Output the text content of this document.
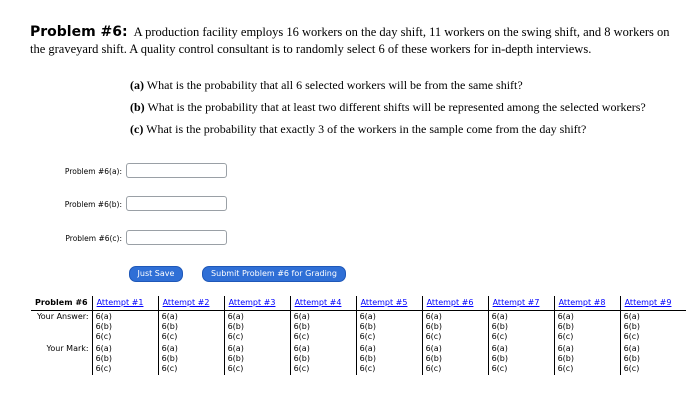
Problem #6: A production facility employs 16 workers on the day shift, 11 workers on the swing shift, and 8 workers on the graveyard shift. A quality control consultant is to randomly select 6 of these workers for in-depth interviews.
(a) What is the probability that all 6 selected workers will be from the same shift?
(b) What is the probability that at least two different shifts will be represented among the selected workers?
(c) What is the probability that exactly 3 of the workers in the sample come from the day shift?
Problem #6(a):
Problem #6(b):
Problem #6(c):
Just Save	Submit Problem #6 for Grading
Problem #6	Attempt #1	Attempt #2	Attempt #3	Attempt #4	Attempt #5	Attempt #6	Attempt #7	Attempt #8	Attempt #9
Your Answer:	6(a)
6(b)
6(c)	6(a)
6(b)
6(c)	6(a)
6(b)
6(c)	6(a)
6(b)
6(c)	6(a)
6(b)
6(c)	6(a)
6(b)
6(c)	6(a)
6(b)
6(c)	6(a)
6(b)
6(c)	6(a)
6(b)
6(c)

Your Mark:	6(a)
6(b)
6(c)	6(a)
6(b)
6(c)	6(a)
6(b)
6(c)	6(a)
6(b)
6(c)	6(a)
6(b)
6(c)	6(a)
6(b)
6(c)	6(a)
6(b)
6(c)	6(a)
6(b)
6(c)	6(a)
6(b)
6(c)
